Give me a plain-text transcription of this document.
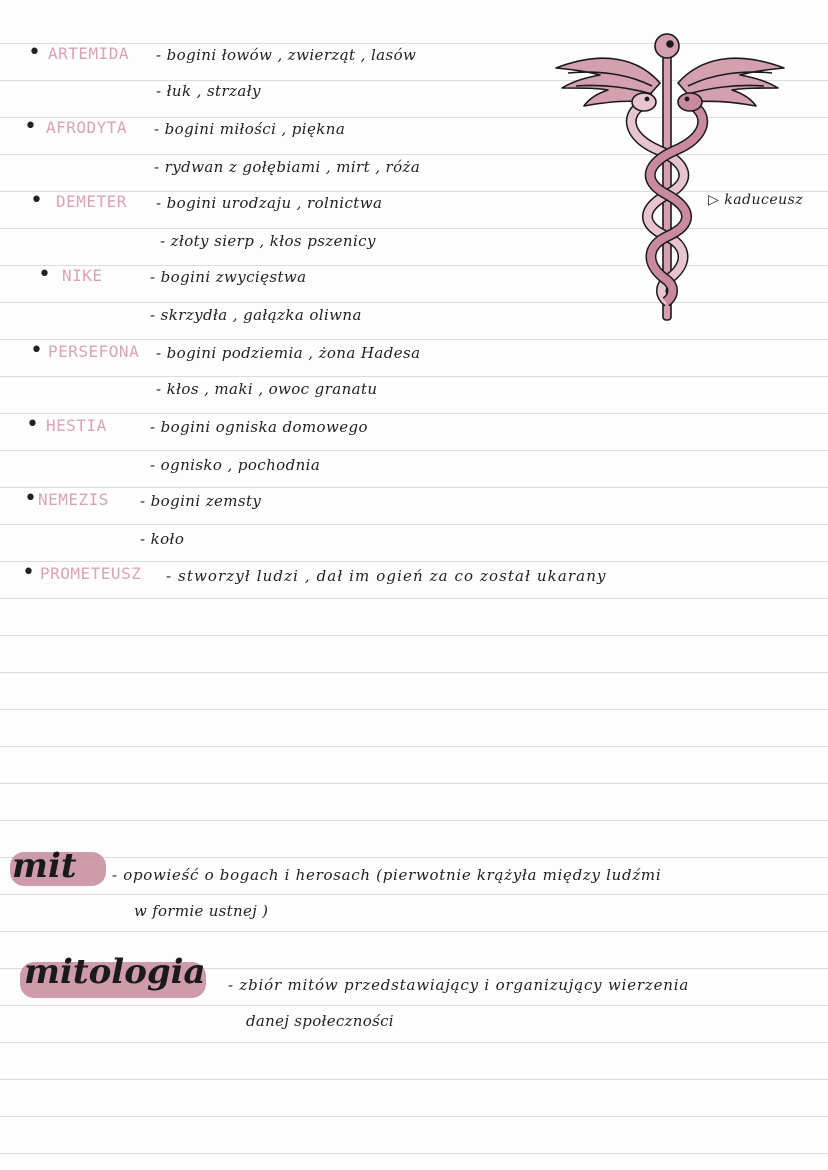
• ARTEMIDA - bogini łowów , zwierząt , lasów
- łuk , strzały
• AFRODYTA - bogini miłości , piękna
- rydwan z gołębiami , mirt , róża
• DEMETER - bogini urodzaju , rolnictwa
- złoty sierp , kłos pszenicy
• NIKE	- bogini zwycięstwa
- skrzydła , gałązka oliwna
• PERSEFONA - bogini podziemia , żona Hadesa
- kłos , maki , owoc granatu
• HESTIA	- bogini ogniska domowego
- ognisko , pochodnia
• NEMEZIS - bogini zemsty
- koło
• PROMETEUSZ - stworzył ludzi , dał im ogień za co został ukarany
▷ kaduceusz
mit - opowieść o bogach i herosach (pierwotnie krążyła między ludźmi
w formie ustnej )
mitologia - zbiór mitów przedstawiający i organizujący wierzenia
danej społeczności
